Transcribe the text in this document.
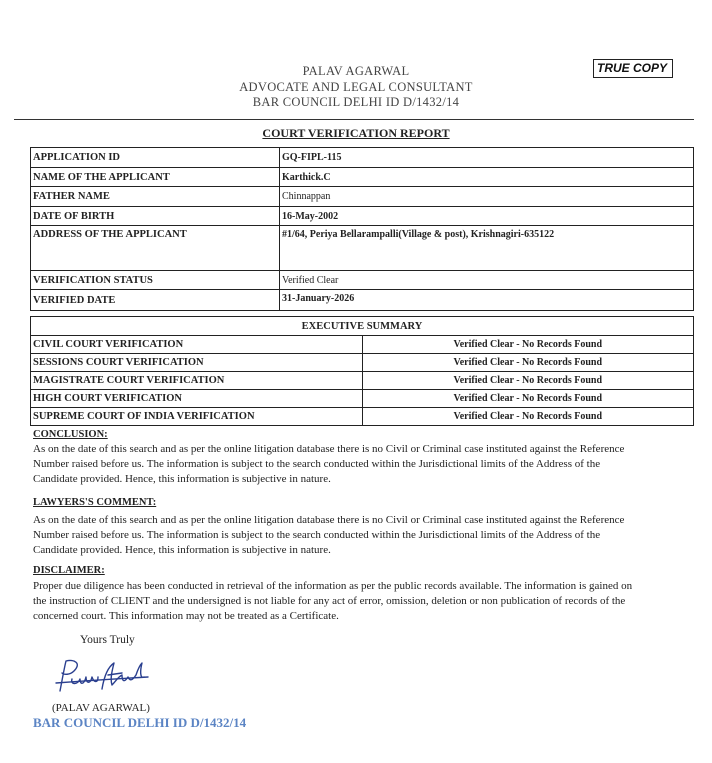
PALAV AGARWAL
ADVOCATE AND LEGAL CONSULTANT
BAR COUNCIL DELHI ID D/1432/14
TRUE COPY
COURT VERIFICATION REPORT
APPLICATION ID	GQ-FIPL-115
NAME OF THE APPLICANT	Karthick.C
FATHER NAME	Chinnappan
DATE OF BIRTH	16-May-2002
ADDRESS OF THE APPLICANT	#1/64, Periya Bellarampalli(Village & post), Krishnagiri-635122
VERIFICATION STATUS	Verified Clear
VERIFIED DATE	31-January-2026
EXECUTIVE SUMMARY	
CIVIL COURT VERIFICATION	Verified Clear - No Records Found
SESSIONS COURT VERIFICATION	Verified Clear - No Records Found
MAGISTRATE COURT VERIFICATION	Verified Clear - No Records Found
HIGH COURT VERIFICATION	Verified Clear - No Records Found
SUPREME COURT OF INDIA VERIFICATION	Verified Clear - No Records Found
CONCLUSION:
As on the date of this search and as per the online litigation database there is no Civil or Criminal case instituted against the Reference
Number raised before us. The information is subject to the search conducted within the Jurisdictional limits of the Address of the
Candidate provided. Hence, this information is subjective in nature.
LAWYERS'S COMMENT:
As on the date of this search and as per the online litigation database there is no Civil or Criminal case instituted against the Reference
Number raised before us. The information is subject to the search conducted within the Jurisdictional limits of the Address of the
Candidate provided. Hence, this information is subjective in nature.
DISCLAIMER:
Proper due diligence has been conducted in retrieval of the information as per the public records available. The information is gained on
the instruction of CLIENT and the undersigned is not liable for any act of error, omission, deletion or non publication of records of the
concerned court. This information may not be treated as a Certificate.
Yours Truly
(PALAV AGARWAL)
BAR COUNCIL DELHI ID D/1432/14
